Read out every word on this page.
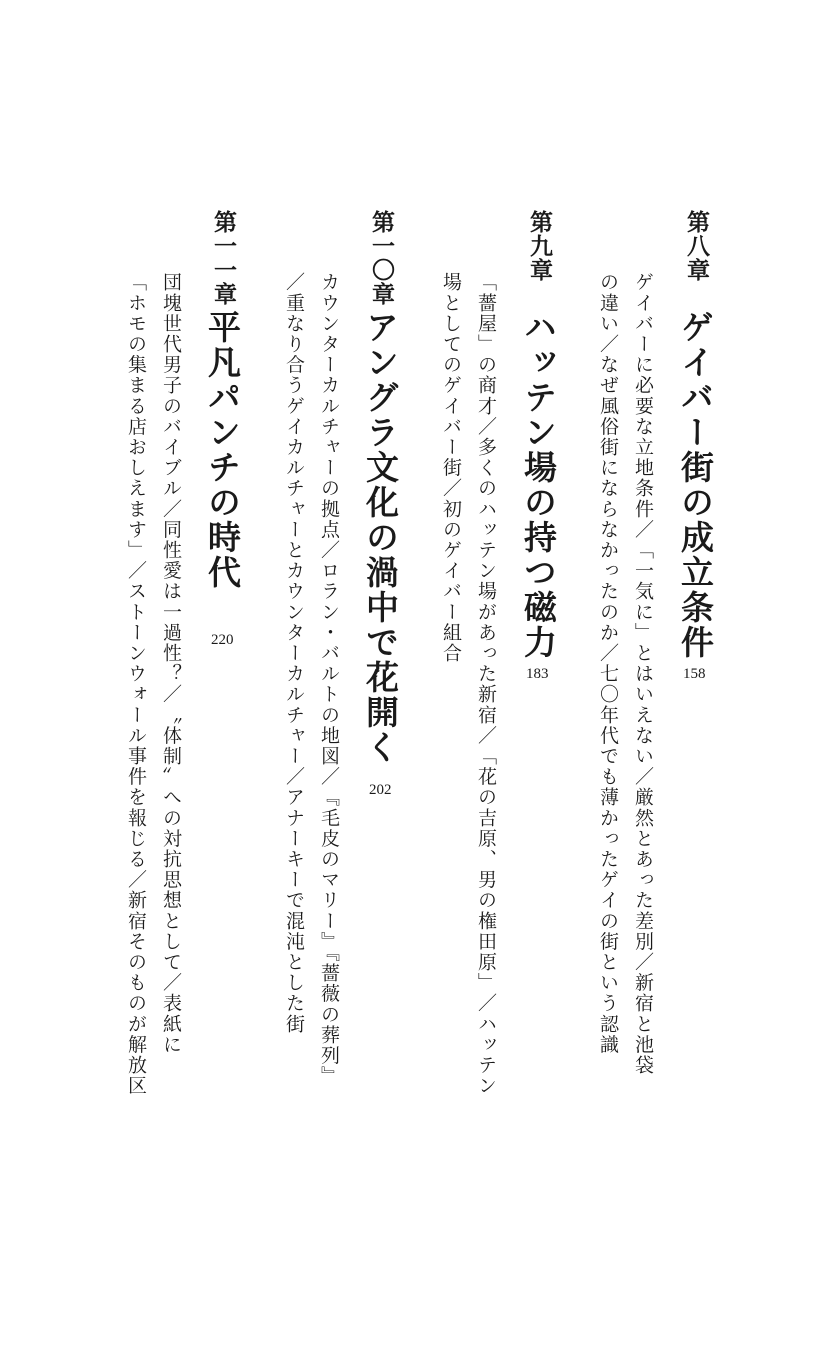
第八章
ゲイバー街の成立条件
158
ゲイバーに必要な立地条件／「一気に」とはいえない／厳然とあった差別／新宿と池袋
の違い／なぜ風俗街にならなかったのか／七〇年代でも薄かったゲイの街という認識
第九章
ハッテン場の持つ磁力
183
「薔屋」の商才／多くのハッテン場があった新宿／「花の吉原、男の権田原」／ハッテン
場としてのゲイバー街／初のゲイバー組合
第一〇章
アングラ文化の渦中で花開く
202
カウンターカルチャーの拠点／ロラン・バルトの地図／『毛皮のマリー』『薔薇の葬列』
／重なり合うゲイカルチャーとカウンターカルチャー／アナーキーで混沌とした街
第一一章
平凡パンチの時代
220
団塊世代男子のバイブル／同性愛は一過性？／〝体制〟への対抗思想として／表紙に
「ホモの集まる店おしえます」／ストーンウォール事件を報じる／新宿そのものが解放区
